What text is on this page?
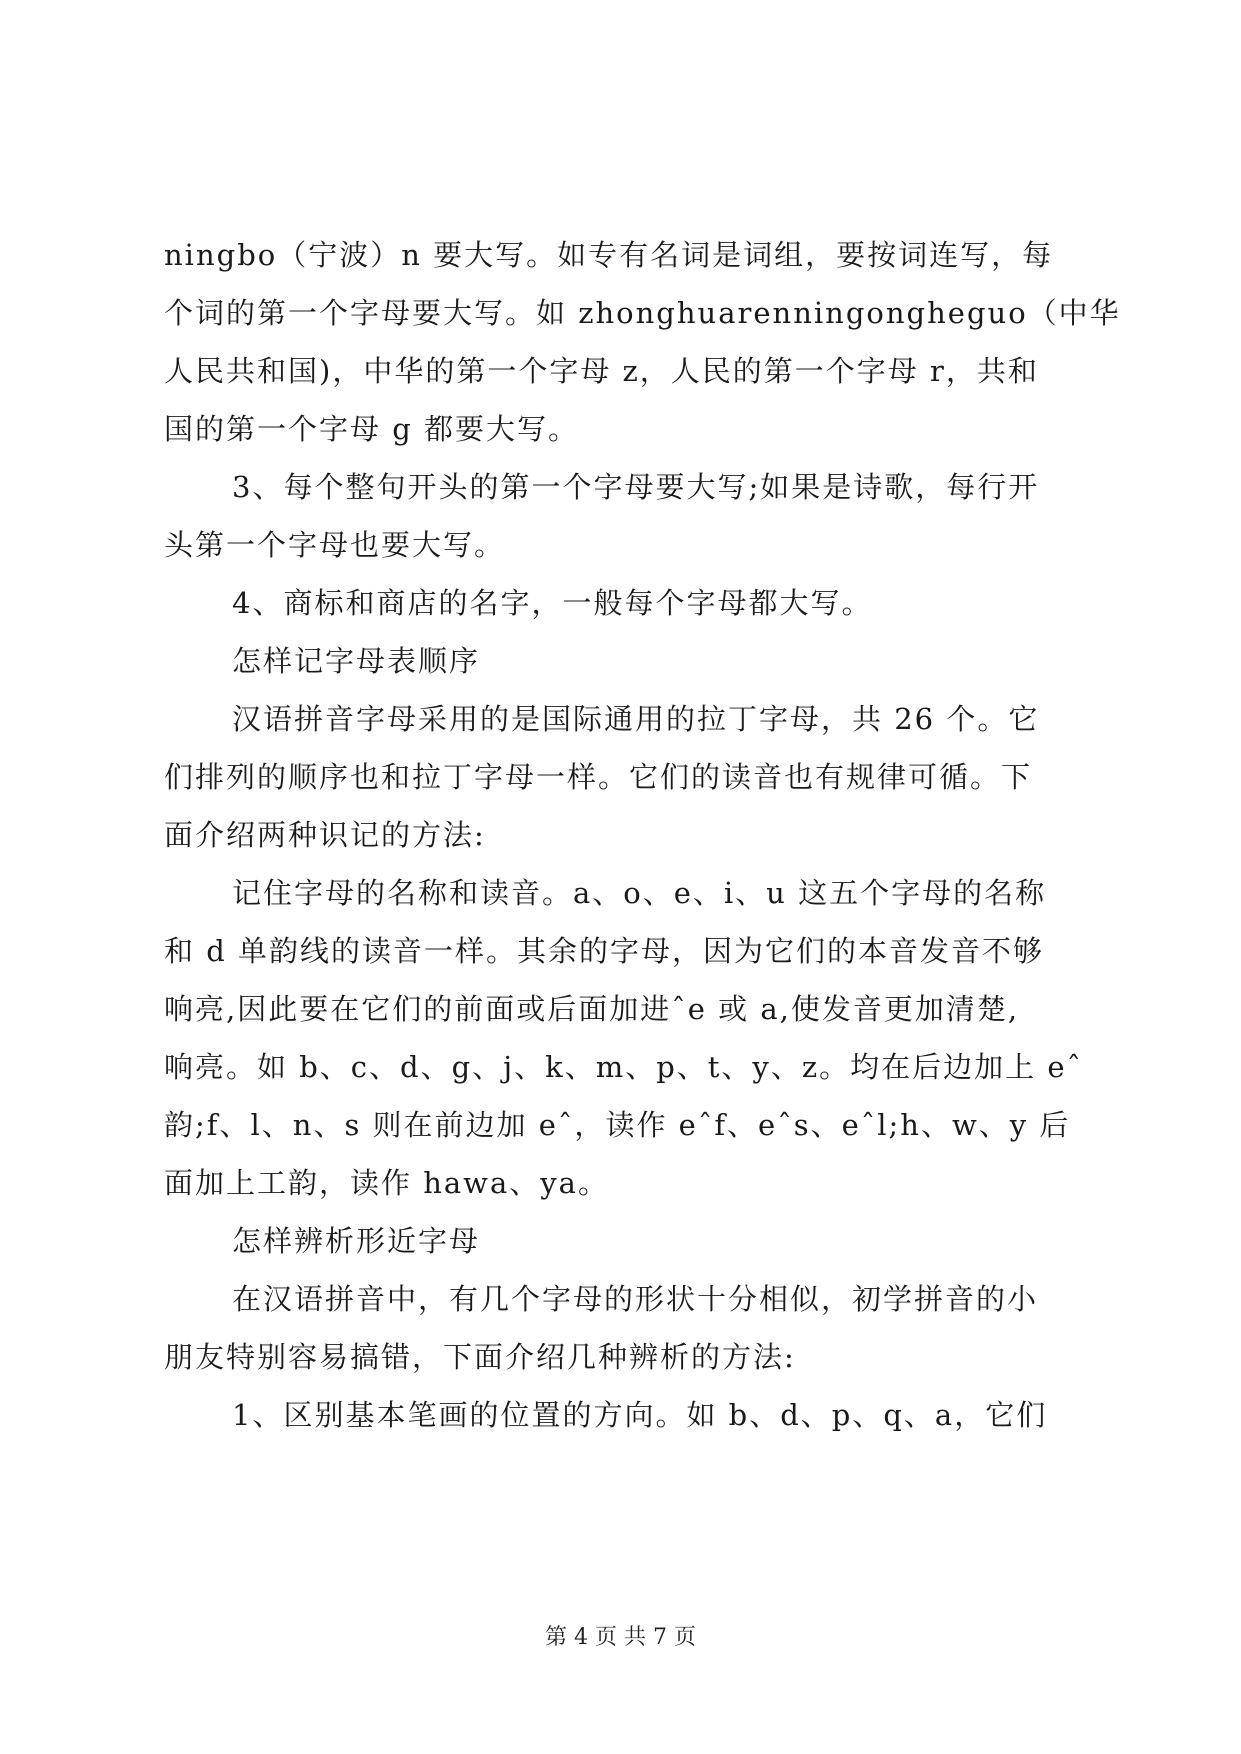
ningbo（宁波）n 要大写。如专有名词是词组，要按词连写，每
个词的第一个字母要大写。如 zhonghuarenningongheguo（中华
人民共和国)，中华的第一个字母 z，人民的第一个字母 r，共和
国的第一个字母 g 都要大写。
3、每个整句开头的第一个字母要大写;如果是诗歌，每行开
头第一个字母也要大写。
4、商标和商店的名字，一般每个字母都大写。
怎样记字母表顺序
汉语拼音字母采用的是国际通用的拉丁字母，共 26 个。它
们排列的顺序也和拉丁字母一样。它们的读音也有规律可循。下
面介绍两种识记的方法:
记住字母的名称和读音。a、o、e、i、u 这五个字母的名称
和 d 单韵线的读音一样。其余的字母，因为它们的本音发音不够
响亮,因此要在它们的前面或后面加进ˆe 或 a,使发音更加清楚,
响亮。如 b、c、d、g、j、k、m、p、t、y、z。均在后边加上 eˆ
韵;f、l、n、s 则在前边加 eˆ，读作 eˆf、eˆs、eˆl;h、w、y 后
面加上工韵，读作 hawa、ya。
怎样辨析形近字母
在汉语拼音中，有几个字母的形状十分相似，初学拼音的小
朋友特别容易搞错，下面介绍几种辨析的方法:
1、区别基本笔画的位置的方向。如 b、d、p、q、a，它们
第 4 页 共 7 页
